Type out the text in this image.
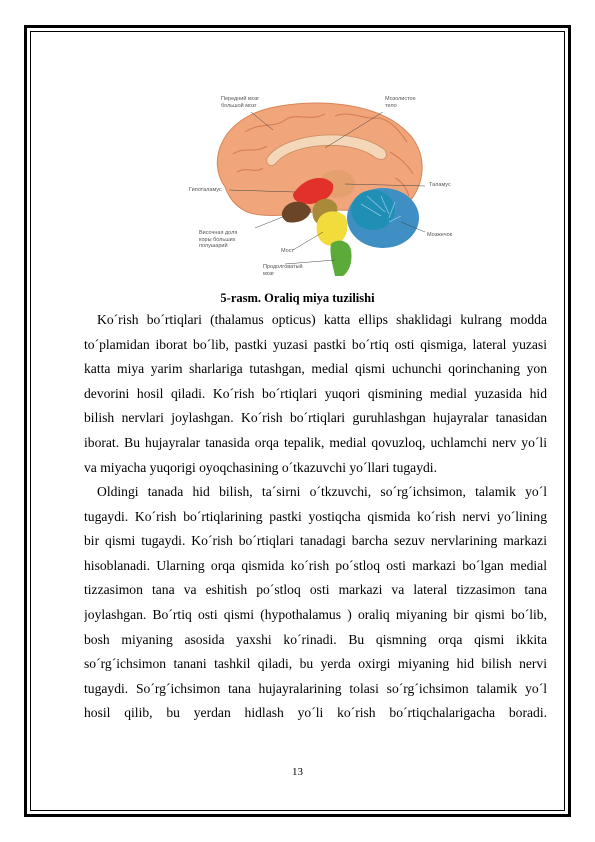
Передний мозг
большой мозг
Мозолистое
тело
Таламус
Гипоталамус
Мозжечок
Височная доля
коры больших
полушарий
Мост
Продолговатый
мозг
5-rasm. Oraliq miya tuzilishi
Ko´rish bo´rtiqlari (thalamus opticus) katta ellips shaklidagi kulrang modda
to´plamidan iborat bo´lib, pastki yuzasi pastki bo´rtiq osti qismiga, lateral yuzasi
katta miya yarim sharlariga tutashgan, medial qismi uchunchi qorinchaning yon
devorini hosil qiladi. Ko´rish bo´rtiqlari yuqori qismining medial yuzasida hid
bilish nervlari joylashgan. Ko´rish bo´rtiqlari guruhlashgan hujayralar tanasidan
iborat. Bu hujayralar tanasida orqa tepalik, medial qovuzloq, uchlamchi nerv yo´li
va miyacha yuqorigi oyoqchasining o´tkazuvchi yo´llari tugaydi.
Oldingi tanada hid bilish, ta´sirni o´tkzuvchi, so´rg´ichsimon, talamik yo´l
tugaydi. Ko´rish bo´rtiqlarining pastki yostiqcha qismida ko´rish nervi yo´lining
bir qismi tugaydi. Ko´rish bo´rtiqlari tanadagi barcha sezuv nervlarining markazi
hisoblanadi. Ularning orqa qismida ko´rish po´stloq osti markazi bo´lgan medial
tizzasimon tana va eshitish po´stloq osti markazi va lateral tizzasimon tana
joylashgan. Bo´rtiq osti qismi (hypothalamus ) oraliq miyaning bir qismi bo´lib,
bosh miyaning asosida yaxshi ko´rinadi. Bu qismning orqa qismi ikkita
so´rg´ichsimon tanani tashkil qiladi, bu yerda oxirgi miyaning hid bilish nervi
tugaydi. So´rg´ichsimon tana hujayralarining tolasi so´rg´ichsimon talamik yo´l
hosil qilib, bu yerdan hidlash yo´li ko´rish bo´rtiqchalarigacha boradi.
13
